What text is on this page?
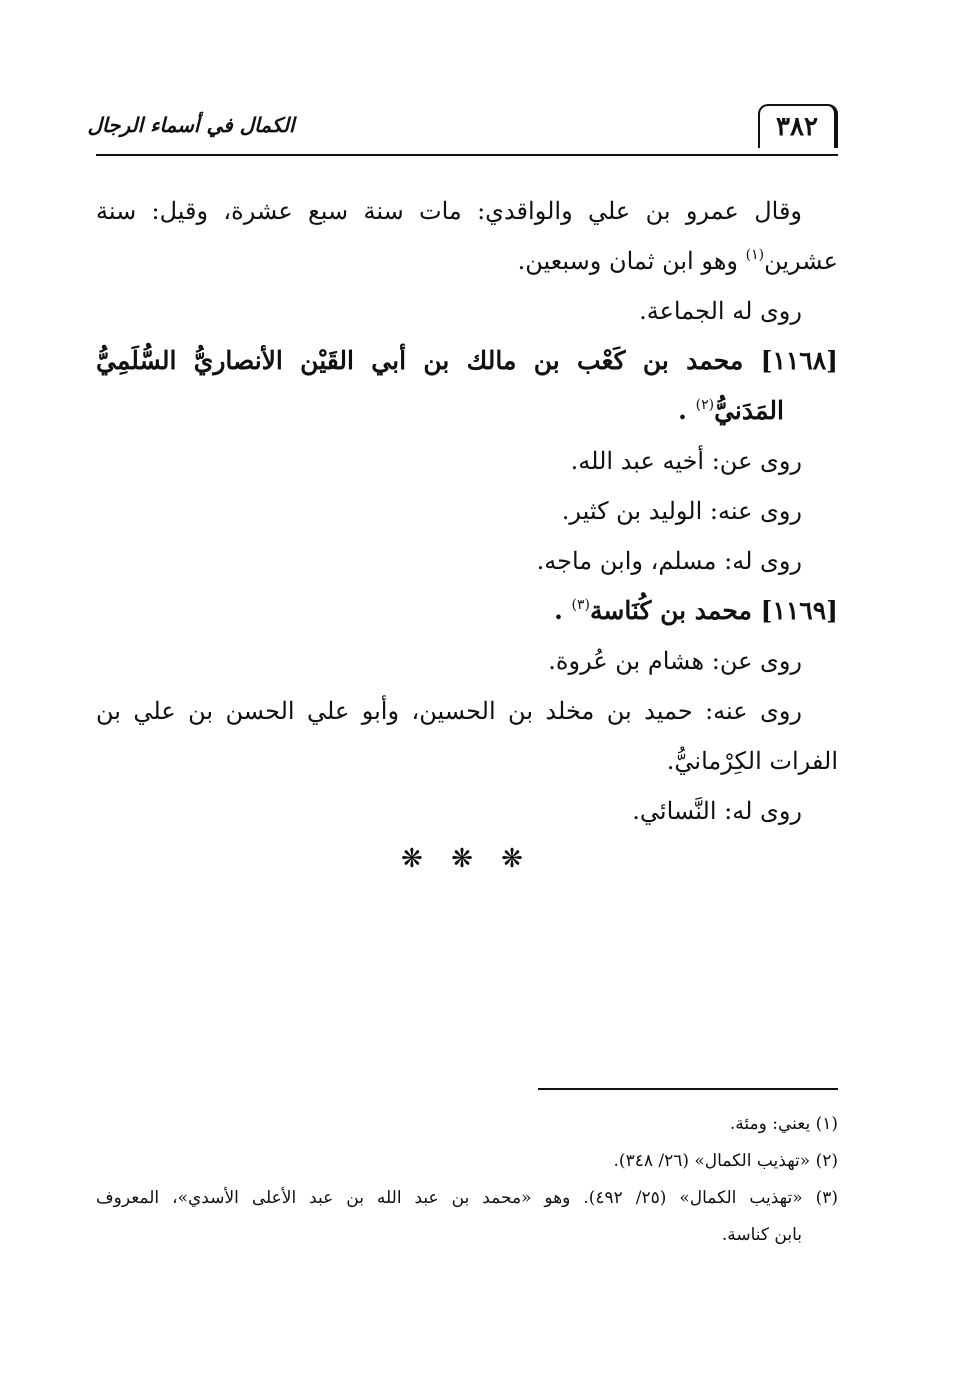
الكمال في أسماء الرجال	٣٨٢
وقال عمرو بن علي والواقدي: مات سنة سبع عشرة، وقيل: سنة
عشرين$^{(١)}$ وهو ابن ثمان وسبعين.
روى له الجماعة.
[١١٦٨] محمد بن كَعْب بن مالك بن أبي القَيْن الأنصاريُّ السُّلَمِيُّ
المَدَنيُّ$^{(٢)}$ .
روى عن: أخيه عبد الله.
روى عنه: الوليد بن كثير.
روى له: مسلم، وابن ماجه.
[١١٦٩] محمد بن كُنَاسة$^{(٣)}$ .
روى عن: هشام بن عُروة.
روى عنه: حميد بن مخلد بن الحسين، وأبو علي الحسن بن علي بن
الفرات الكِرْمانيُّ.
روى له: النَّسائي.
❋ ❋ ❋
(١) يعني: ومئة.
(٢) «تهذيب الكمال» (٢٦/ ٣٤٨).
(٣) «تهذيب الكمال» (٢٥/ ٤٩٢). وهو «محمد بن عبد الله بن عبد الأعلى الأسدي»، المعروف
بابن كناسة.
